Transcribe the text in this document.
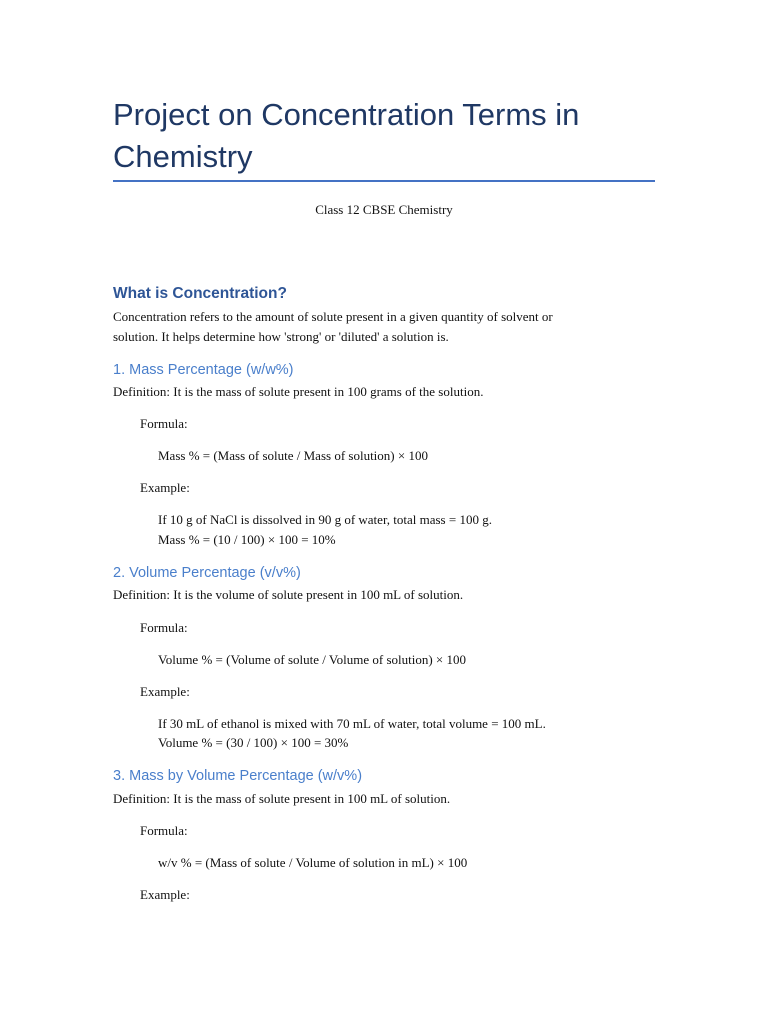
Project on Concentration Terms in Chemistry
Class 12 CBSE Chemistry
What is Concentration?

Concentration refers to the amount of solute present in a given quantity of solvent or

solution. It helps determine how 'strong' or 'diluted' a solution is.

1. Mass Percentage (w/w%)

Definition: It is the mass of solute present in 100 grams of the solution.

Formula:

Mass % = (Mass of solute / Mass of solution) × 100

Example:

If 10 g of NaCl is dissolved in 90 g of water, total mass = 100 g.

Mass % = (10 / 100) × 100 = 10%

2. Volume Percentage (v/v%)

Definition: It is the volume of solute present in 100 mL of solution.

Formula:

Volume % = (Volume of solute / Volume of solution) × 100

Example:

If 30 mL of ethanol is mixed with 70 mL of water, total volume = 100 mL.

Volume % = (30 / 100) × 100 = 30%

3. Mass by Volume Percentage (w/v%)

Definition: It is the mass of solute present in 100 mL of solution.

Formula:

w/v % = (Mass of solute / Volume of solution in mL) × 100

Example:
